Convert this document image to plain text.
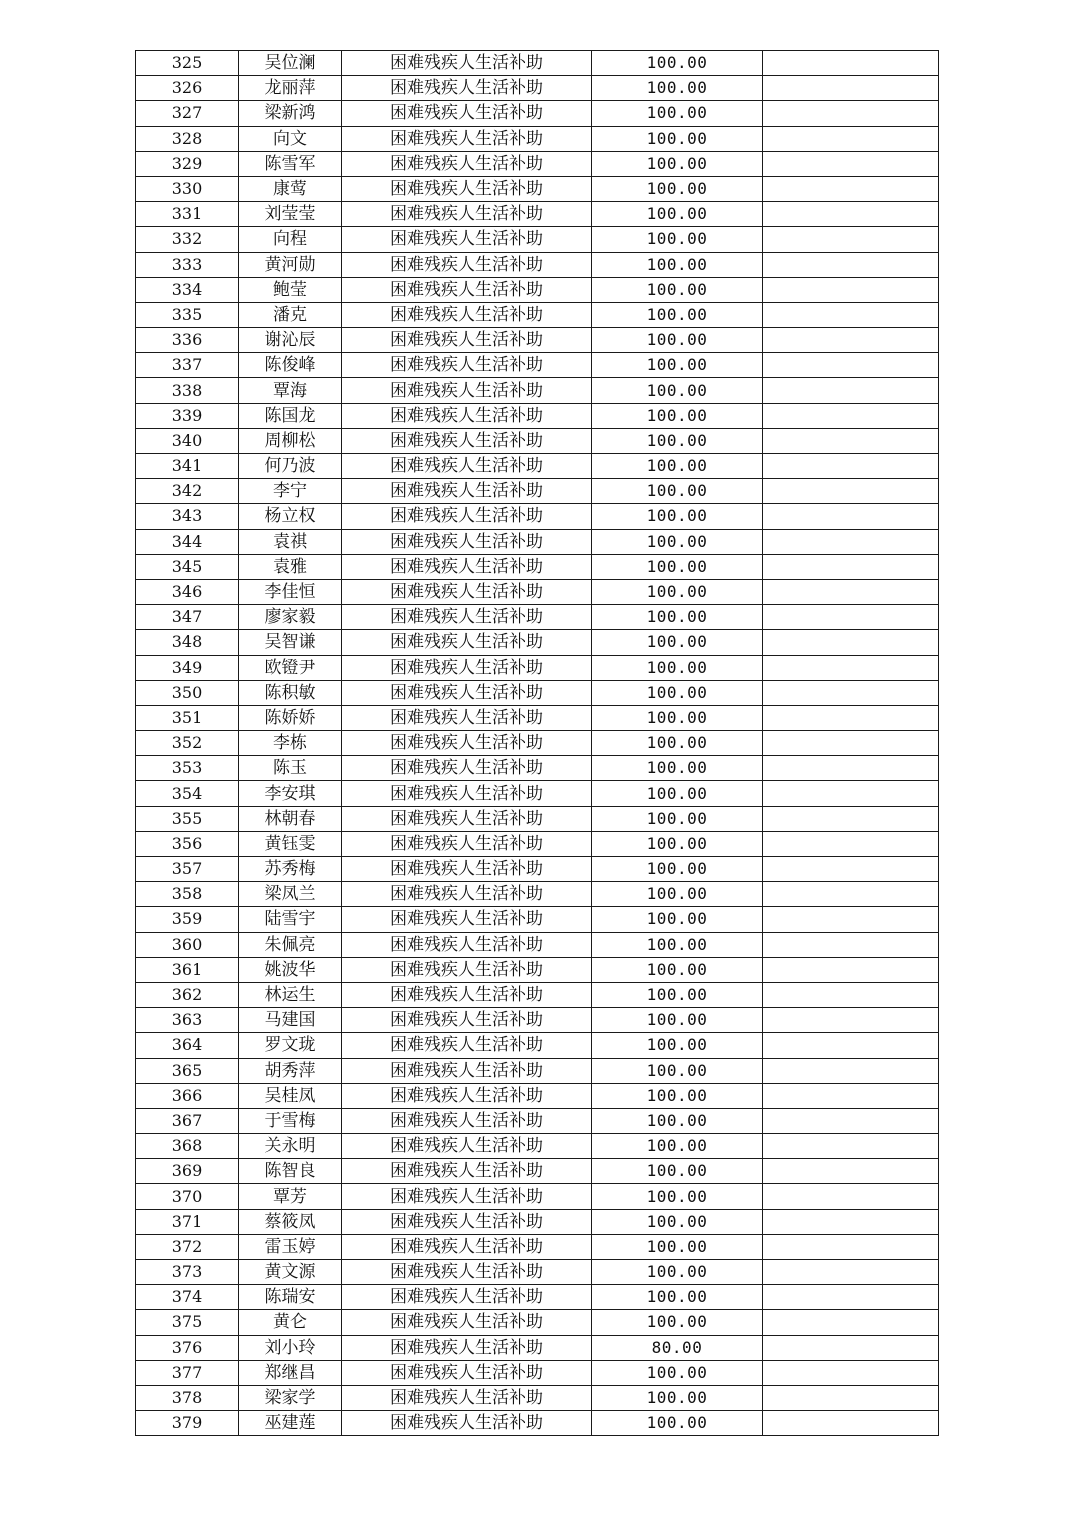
325	吴位澜	困难残疾人生活补助	100.00	
326	龙丽萍	困难残疾人生活补助	100.00	
327	梁新鸿	困难残疾人生活补助	100.00	
328	向文	困难残疾人生活补助	100.00	
329	陈雪军	困难残疾人生活补助	100.00	
330	康莺	困难残疾人生活补助	100.00	
331	刘莹莹	困难残疾人生活补助	100.00	
332	向程	困难残疾人生活补助	100.00	
333	黄河勋	困难残疾人生活补助	100.00	
334	鲍莹	困难残疾人生活补助	100.00	
335	潘克	困难残疾人生活补助	100.00	
336	谢沁辰	困难残疾人生活补助	100.00	
337	陈俊峰	困难残疾人生活补助	100.00	
338	覃海	困难残疾人生活补助	100.00	
339	陈国龙	困难残疾人生活补助	100.00	
340	周柳松	困难残疾人生活补助	100.00	
341	何乃波	困难残疾人生活补助	100.00	
342	李宁	困难残疾人生活补助	100.00	
343	杨立权	困难残疾人生活补助	100.00	
344	袁祺	困难残疾人生活补助	100.00	
345	袁雅	困难残疾人生活补助	100.00	
346	李佳恒	困难残疾人生活补助	100.00	
347	廖家毅	困难残疾人生活补助	100.00	
348	吴智谦	困难残疾人生活补助	100.00	
349	欧镫尹	困难残疾人生活补助	100.00	
350	陈积敏	困难残疾人生活补助	100.00	
351	陈娇娇	困难残疾人生活补助	100.00	
352	李栋	困难残疾人生活补助	100.00	
353	陈玉	困难残疾人生活补助	100.00	
354	李安琪	困难残疾人生活补助	100.00	
355	林朝春	困难残疾人生活补助	100.00	
356	黄钰雯	困难残疾人生活补助	100.00	
357	苏秀梅	困难残疾人生活补助	100.00	
358	梁凤兰	困难残疾人生活补助	100.00	
359	陆雪宇	困难残疾人生活补助	100.00	
360	朱佩亮	困难残疾人生活补助	100.00	
361	姚波华	困难残疾人生活补助	100.00	
362	林运生	困难残疾人生活补助	100.00	
363	马建国	困难残疾人生活补助	100.00	
364	罗文珑	困难残疾人生活补助	100.00	
365	胡秀萍	困难残疾人生活补助	100.00	
366	吴桂凤	困难残疾人生活补助	100.00	
367	于雪梅	困难残疾人生活补助	100.00	
368	关永明	困难残疾人生活补助	100.00	
369	陈智良	困难残疾人生活补助	100.00	
370	覃芳	困难残疾人生活补助	100.00	
371	蔡筱凤	困难残疾人生活补助	100.00	
372	雷玉婷	困难残疾人生活补助	100.00	
373	黄文源	困难残疾人生活补助	100.00	
374	陈瑞安	困难残疾人生活补助	100.00	
375	黄仑	困难残疾人生活补助	100.00	
376	刘小玲	困难残疾人生活补助	80.00	
377	郑继昌	困难残疾人生活补助	100.00	
378	梁家学	困难残疾人生活补助	100.00	
379	巫建莲	困难残疾人生活补助	100.00	
